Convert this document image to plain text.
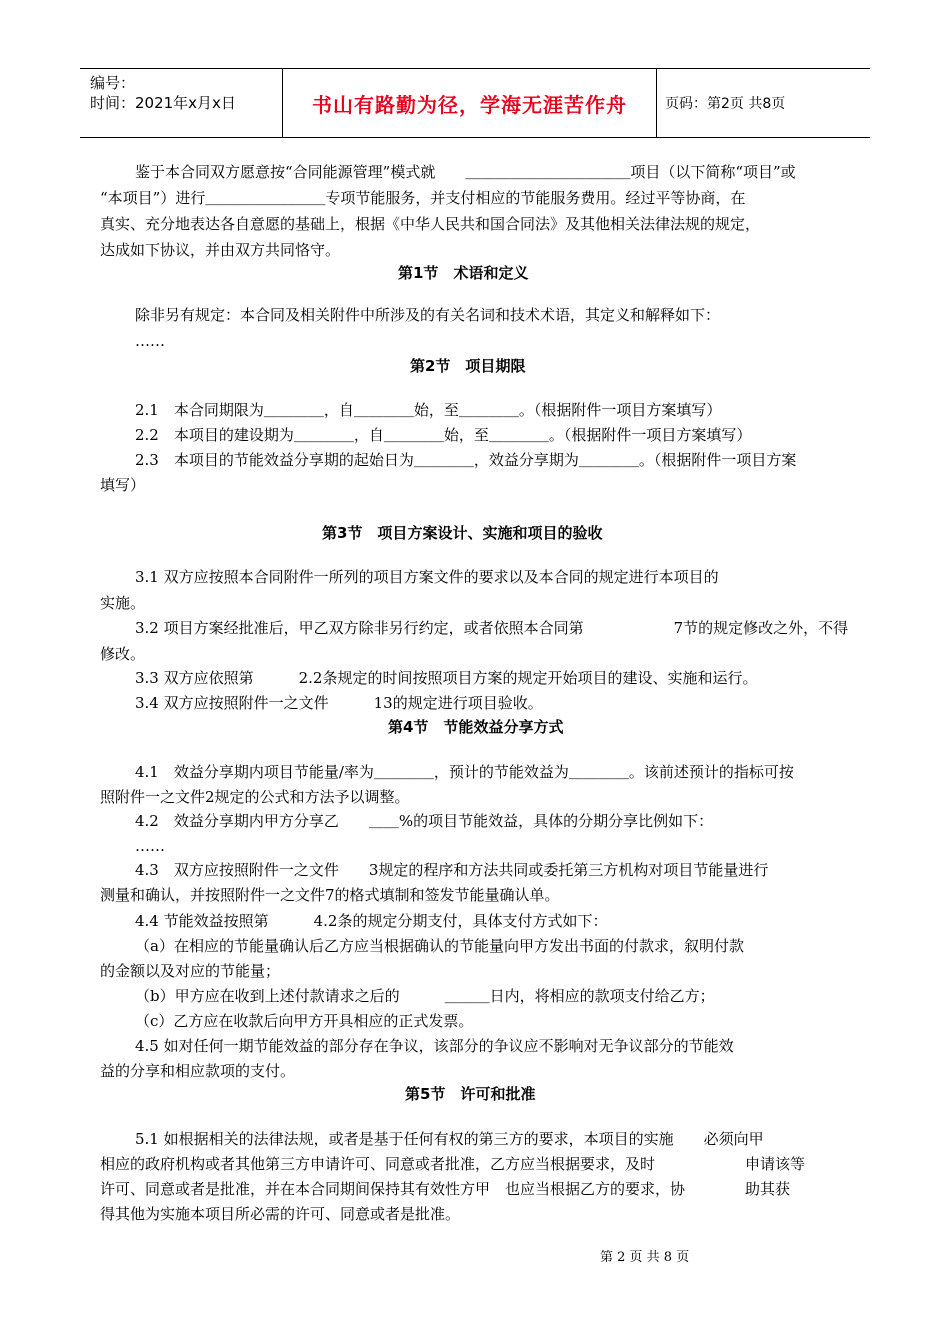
编号：
时间：2021年x月x日	书山有路勤为径，学海无涯苦作舟	页码：第2页 共8页
鉴于本合同双方愿意按“合同能源管理”模式就　　＿＿＿＿＿＿＿＿＿＿＿项目（以下简称“项目”或
“本项目”）进行＿＿＿＿＿＿＿＿专项节能服务，并支付相应的节能服务费用。经过平等协商，在
真实、充分地表达各自意愿的基础上，根据《中华人民共和国合同法》及其他相关法律法规的规定，
达成如下协议，并由双方共同恪守。
第1节　术语和定义
除非另有规定：本合同及相关附件中所涉及的有关名词和技术术语，其定义和解释如下：
……
第2节　项目期限
2.1　本合同期限为＿＿＿＿，自＿＿＿＿始，至＿＿＿＿。（根据附件一项目方案填写）
2.2　本项目的建设期为＿＿＿＿，自＿＿＿＿始，至＿＿＿＿。（根据附件一项目方案填写）
2.3　本项目的节能效益分享期的起始日为＿＿＿＿，效益分享期为＿＿＿＿。（根据附件一项目方案
填写）
第3节　项目方案设计、实施和项目的验收
3.1 双方应按照本合同附件一所列的项目方案文件的要求以及本合同的规定进行本项目的
实施。
3.2 项目方案经批准后，甲乙双方除非另行约定，或者依照本合同第　　　　　　7节的规定修改之外，不得
修改。
3.3 双方应依照第　　　2.2条规定的时间按照项目方案的规定开始项目的建设、实施和运行。
3.4 双方应按照附件一之文件　　　13的规定进行项目验收。
第4节　节能效益分享方式
4.1　效益分享期内项目节能量/率为＿＿＿＿，预计的节能效益为＿＿＿＿。该前述预计的指标可按
照附件一之文件2规定的公式和方法予以调整。
4.2　效益分享期内甲方分享乙　　＿＿%的项目节能效益，具体的分期分享比例如下：
……
4.3　双方应按照附件一之文件　　3规定的程序和方法共同或委托第三方机构对项目节能量进行
测量和确认，并按照附件一之文件7的格式填制和签发节能量确认单。
4.4 节能效益按照第　　　4.2条的规定分期支付，具体支付方式如下：
（a）在相应的节能量确认后乙方应当根据确认的节能量向甲方发出书面的付款求，叙明付款
的金额以及对应的节能量；
（b）甲方应在收到上述付款请求之后的　　　＿＿＿日内，将相应的款项支付给乙方；
（c）乙方应在收款后向甲方开具相应的正式发票。
4.5 如对任何一期节能效益的部分存在争议，该部分的争议应不影响对无争议部分的节能效
益的分享和相应款项的支付。
第5节　许可和批准
5.1 如根据相关的法律法规，或者是基于任何有权的第三方的要求，本项目的实施　　必须向甲
相应的政府机构或者其他第三方申请许可、同意或者批准，乙方应当根据要求，及时　　　　　　申请该等
许可、同意或者是批准，并在本合同期间保持其有效性方甲　也应当根据乙方的要求，协　　　　助其获
得其他为实施本项目所必需的许可、同意或者是批准。
第 2 页 共 8 页
